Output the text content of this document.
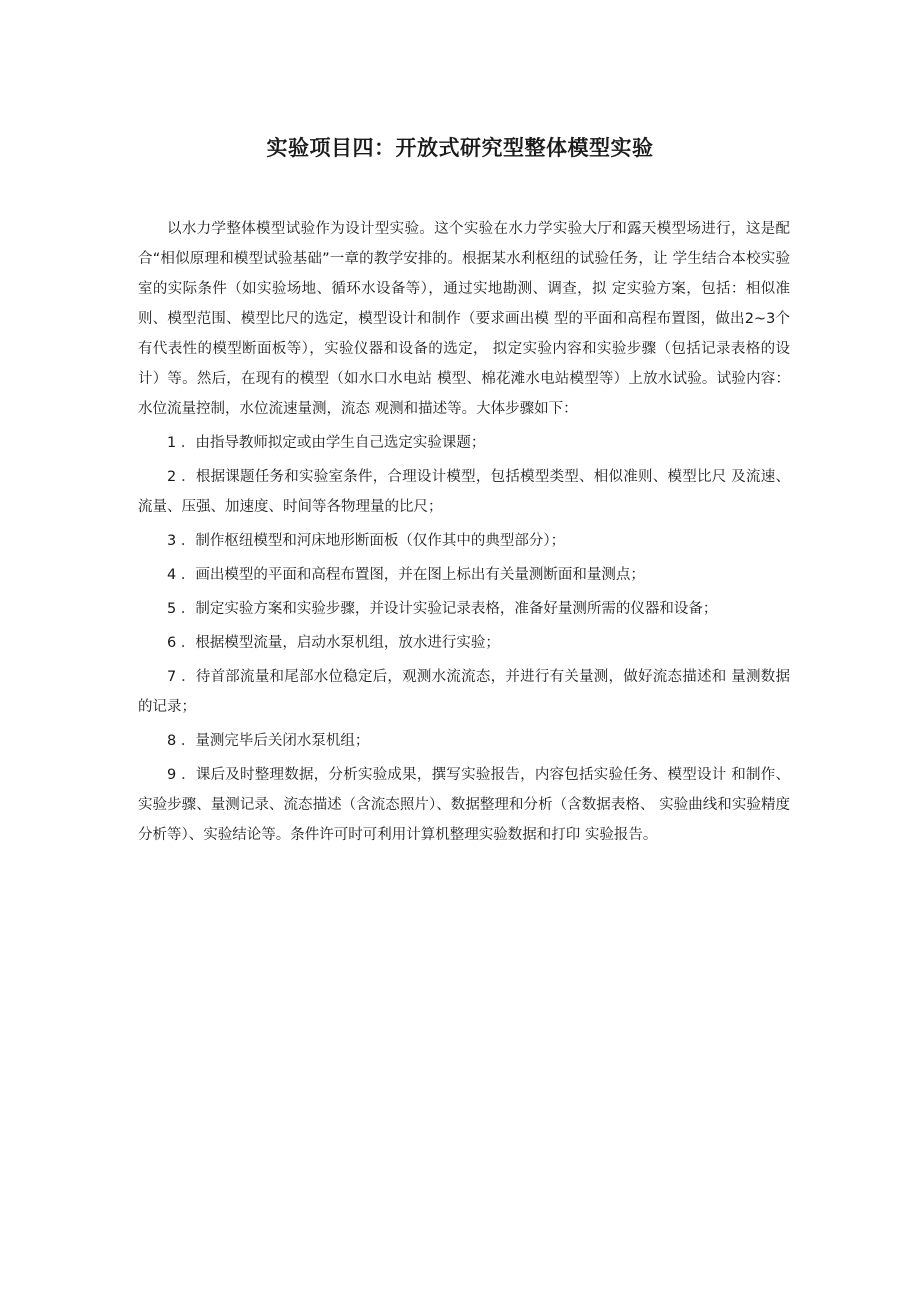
实验项目四：开放式研究型整体模型实验

以水力学整体模型试验作为设计型实验。这个实验在水力学实验大厅和露天模型场进行，这是配合“相似原理和模型试验基础”一章的教学安排的。根据某水利枢纽的试验任务，让 学生结合本校实验室的实际条件（如实验场地、循环水设备等），通过实地勘测、调查，拟 定实验方案，包括：相似准则、模型范围、模型比尺的选定，模型设计和制作（要求画出模 型的平面和高程布置图，做出2~3个有代表性的模型断面板等），实验仪器和设备的选定， 拟定实验内容和实验步骤（包括记录表格的设计）等。然后，在现有的模型（如水口水电站 模型、棉花滩水电站模型等）上放水试验。试验内容：水位流量控制，水位流速量测，流态 观测和描述等。大体步骤如下：

1 ．由指导教师拟定或由学生自己选定实验课题；

2 ．根据课题任务和实验室条件，合理设计模型，包括模型类型、相似准则、模型比尺 及流速、流量、压强、加速度、时间等各物理量的比尺；

3 ．制作枢纽模型和河床地形断面板（仅作其中的典型部分）；

4 ．画出模型的平面和高程布置图，并在图上标出有关量测断面和量测点；

5 ．制定实验方案和实验步骤，并设计实验记录表格，准备好量测所需的仪器和设备；

6 ．根据模型流量，启动水泵机组，放水进行实验；

7 ．待首部流量和尾部水位稳定后，观测水流流态，并进行有关量测，做好流态描述和 量测数据的记录；

8 ．量测完毕后关闭水泵机组；

9 ．课后及时整理数据，分析实验成果，撰写实验报告，内容包括实验任务、模型设计 和制作、实验步骤、量测记录、流态描述（含流态照片）、数据整理和分析（含数据表格、 实验曲线和实验精度分析等）、实验结论等。条件许可时可利用计算机整理实验数据和打印 实验报告。
